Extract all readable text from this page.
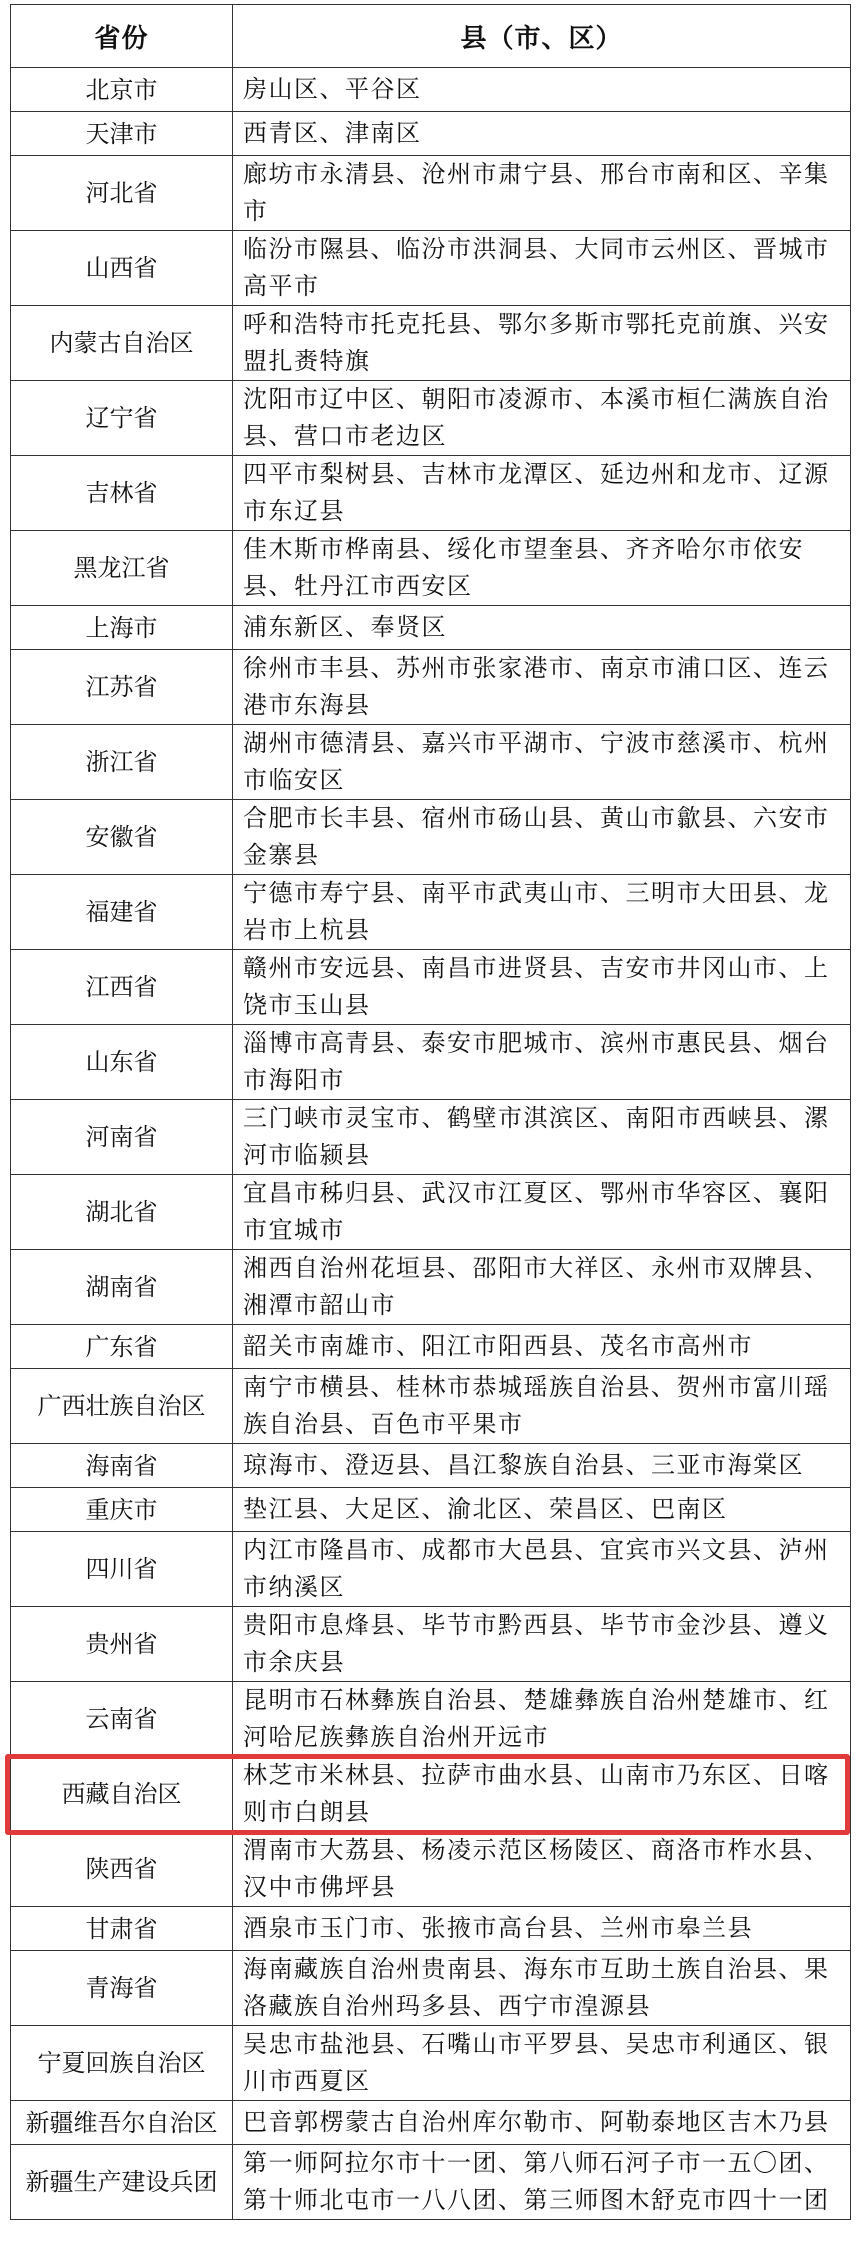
省份	县（市、区）
北京市	房山区、平谷区
天津市	西青区、津南区
河北省	廊坊市永清县、沧州市肃宁县、邢台市南和区、辛集市
山西省	临汾市隰县、临汾市洪洞县、大同市云州区、晋城市高平市
内蒙古自治区	呼和浩特市托克托县、鄂尔多斯市鄂托克前旗、兴安盟扎赉特旗
辽宁省	沈阳市辽中区、朝阳市凌源市、本溪市桓仁满族自治县、营口市老边区
吉林省	四平市梨树县、吉林市龙潭区、延边州和龙市、辽源市东辽县
黑龙江省	佳木斯市桦南县、绥化市望奎县、齐齐哈尔市依安县、牡丹江市西安区
上海市	浦东新区、奉贤区
江苏省	徐州市丰县、苏州市张家港市、南京市浦口区、连云港市东海县
浙江省	湖州市德清县、嘉兴市平湖市、宁波市慈溪市、杭州市临安区
安徽省	合肥市长丰县、宿州市砀山县、黄山市歙县、六安市金寨县
福建省	宁德市寿宁县、南平市武夷山市、三明市大田县、龙岩市上杭县
江西省	赣州市安远县、南昌市进贤县、吉安市井冈山市、上饶市玉山县
山东省	淄博市高青县、泰安市肥城市、滨州市惠民县、烟台市海阳市
河南省	三门峡市灵宝市、鹤壁市淇滨区、南阳市西峡县、漯河市临颍县
湖北省	宜昌市秭归县、武汉市江夏区、鄂州市华容区、襄阳市宜城市
湖南省	湘西自治州花垣县、邵阳市大祥区、永州市双牌县、湘潭市韶山市
广东省	韶关市南雄市、阳江市阳西县、茂名市高州市
广西壮族自治区	南宁市横县、桂林市恭城瑶族自治县、贺州市富川瑶族自治县、百色市平果市
海南省	琼海市、澄迈县、昌江黎族自治县、三亚市海棠区
重庆市	垫江县、大足区、渝北区、荣昌区、巴南区
四川省	内江市隆昌市、成都市大邑县、宜宾市兴文县、泸州市纳溪区
贵州省	贵阳市息烽县、毕节市黔西县、毕节市金沙县、遵义市余庆县
云南省	昆明市石林彝族自治县、楚雄彝族自治州楚雄市、红河哈尼族彝族自治州开远市
西藏自治区	林芝市米林县、拉萨市曲水县、山南市乃东区、日喀则市白朗县
陕西省	渭南市大荔县、杨凌示范区杨陵区、商洛市柞水县、汉中市佛坪县
甘肃省	酒泉市玉门市、张掖市高台县、兰州市皋兰县
青海省	海南藏族自治州贵南县、海东市互助土族自治县、果洛藏族自治州玛多县、西宁市湟源县
宁夏回族自治区	吴忠市盐池县、石嘴山市平罗县、吴忠市利通区、银川市西夏区
新疆维吾尔自治区	巴音郭楞蒙古自治州库尔勒市、阿勒泰地区吉木乃县
新疆生产建设兵团	第一师阿拉尔市十一团、第八师石河子市一五〇团、第十师北屯市一八八团、第三师图木舒克市四十一团
